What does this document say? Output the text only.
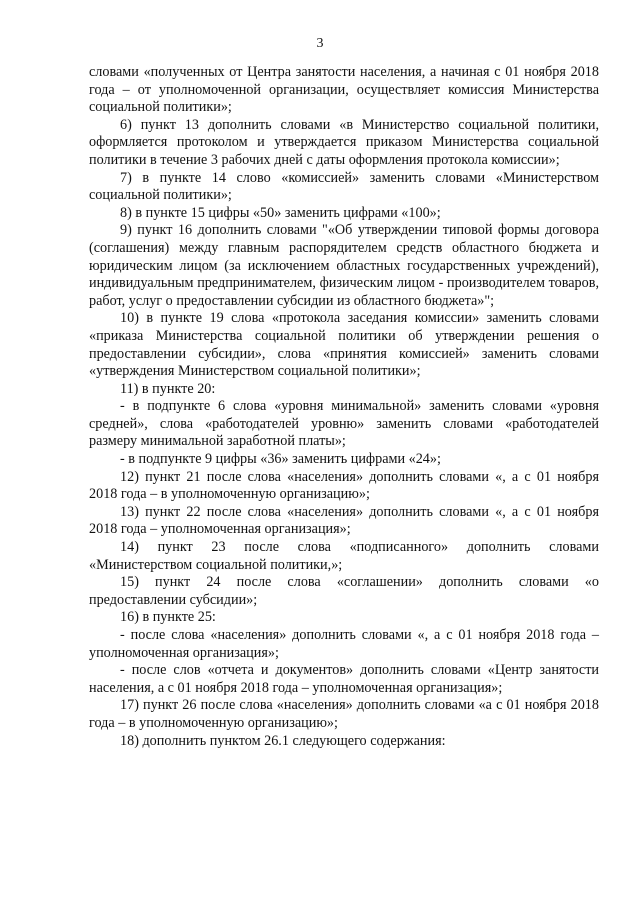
3

словами «полученных от Центра занятости населения, а начиная с 01 ноября 2018 года – от уполномоченной организации, осуществляет комиссия Министерства социальной политики»;

6) пункт 13 дополнить словами «в Министерство социальной политики, оформляется протоколом и утверждается приказом Министерства социальной политики в течение 3 рабочих дней с даты оформления протокола комиссии»;

7) в пункте 14 слово «комиссией» заменить словами «Министерством социальной политики»;

8) в пункте 15 цифры «50» заменить цифрами «100»;

9) пункт 16 дополнить словами "«Об утверждении типовой формы договора (соглашения) между главным распорядителем средств областного бюджета и юридическим лицом (за исключением областных государственных учреждений), индивидуальным предпринимателем, физическим лицом - производителем товаров, работ, услуг о предоставлении субсидии из областного бюджета»";

10) в пункте 19 слова «протокола заседания комиссии» заменить словами «приказа Министерства социальной политики об утверждении решения о предоставлении субсидии», слова «принятия комиссией» заменить словами «утверждения Министерством социальной политики»;

11) в пункте 20:

- в подпункте 6 слова «уровня минимальной» заменить словами «уровня средней», слова «работодателей уровню» заменить словами «работодателей размеру минимальной заработной платы»;

- в подпункте 9 цифры «36» заменить цифрами «24»;

12) пункт 21 после слова «населения» дополнить словами «, а с 01 ноября 2018 года – в уполномоченную организацию»;

13) пункт 22 после слова «населения» дополнить словами «, а с 01 ноября 2018 года – уполномоченная организация»;

14) пункт 23 после слова «подписанного» дополнить словами «Министерством социальной политики,»;

15) пункт 24 после слова «соглашении» дополнить словами «о предоставлении субсидии»;

16) в пункте 25:

- после слова «населения» дополнить словами «, а с 01 ноября 2018 года – уполномоченная организация»;

- после слов «отчета и документов» дополнить словами «Центр занятости населения, а с 01 ноября 2018 года – уполномоченная организация»;

17) пункт 26 после слова «населения» дополнить словами «а с 01 ноября 2018 года – в уполномоченную организацию»;

18) дополнить пунктом 26.1 следующего содержания:
